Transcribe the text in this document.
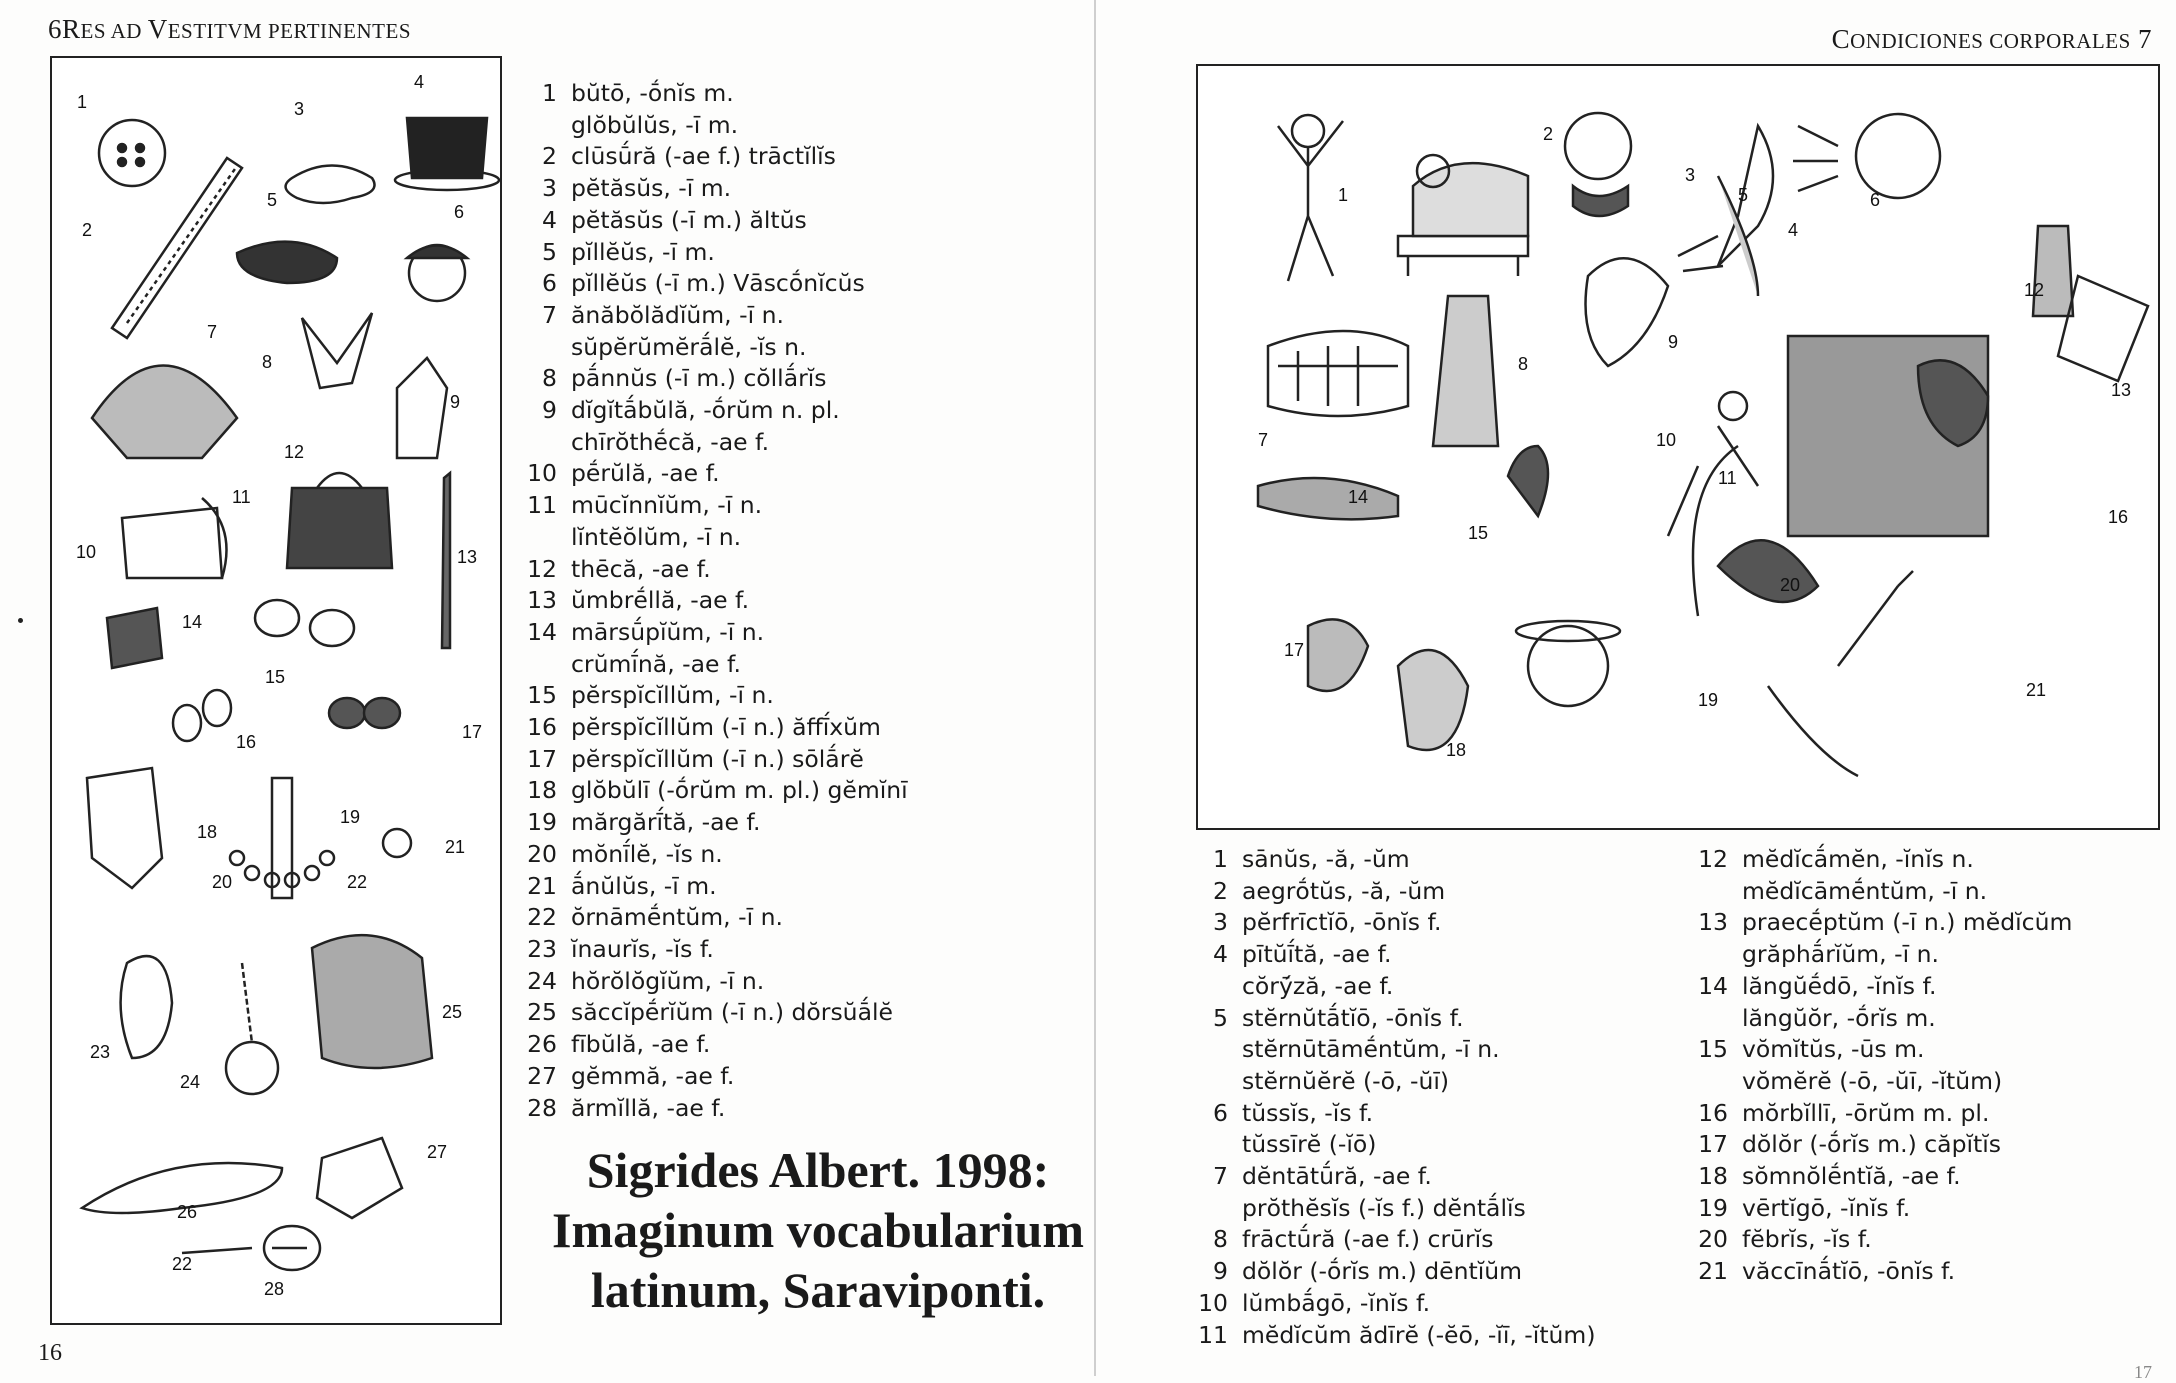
6RES AD VESTITVM PERTINENTES
1
2
3
4
5
6
7
8
9
10
11
12
13
14
15
16	17
18
19
20
21
22
23
24
25
26
27
22
28
1 bŭtō, -ṓnĭs m.
glŏbŭlŭs, -ī m.
2 clūsū́ră (-ae f.) trāctĭlĭs
3 pĕtăsŭs, -ī m.
4 pĕtăsŭs (-ī m.) ăltŭs
5 pĭllĕŭs, -ī m.
6 pĭllĕŭs (-ī m.) Vāscṓnĭcŭs
7 ănăbŏlădĭŭm, -ī n.
sŭpĕrŭmĕrā́lĕ, -ĭs n.
8 pā́nnŭs (-ī m.) cŏllā́rĭs
9 dĭgĭtā́bŭlă, -ṓrŭm n. pl.
chīrŏthḗcă, -ae f.
10 pḗrŭlă, -ae f.
11 mūcĭnnĭŭm, -ī n.
lĭntĕŏlŭm, -ī n.
12 thēcă, -ae f.
13 ŭmbrḗllă, -ae f.
14 mārsū́pĭŭm, -ī n.
crŭmī́nă, -ae f.
15 pĕrspĭcĭllŭm, -ī n.
16 pĕrspĭcĭllŭm (-ī n.) ăffī́xŭm
17 pĕrspĭcĭllŭm (-ī n.) sōlā́rĕ
18 glŏbŭlī (-ṓrŭm m. pl.) gĕmĭnī
19 mărgărī́tă, -ae f.
20 mŏnī́lĕ, -ĭs n.
21 ā́nŭlŭs, -ī m.
22 ŏrnāmḗntŭm, -ī n.
23 ĭnaurĭs, -ĭs f.
24 hŏrŏlŏgĭŭm, -ī n.
25 săccĭpḗrĭŭm (-ī n.) dŏrsŭā́lĕ
26 fībŭlă, -ae f.
27 gĕmmă, -ae f.
28 ărmĭllă, -ae f.
16
Sigrides Albert. 1998:
Imaginum vocabularium
latinum, Saraviponti.
CONDICIONES CORPORALES 7
1
2
3
4
5	6
7
8
9
10
11
12
13
14
15
16
17
18
19
20
21
1 sānŭs, -ă, -ŭm
2 aegrṓtŭs, -ă, -ŭm
3 pĕrfrīctĭō, -ōnĭs f.
4 pītŭī́tă, -ae f.
cŏrȳ́ză, -ae f.
5 stĕrnŭtā́tĭō, -ōnĭs f.
stĕrnūtāmḗntŭm, -ī n.
stĕrnŭĕrĕ (-ō, -ŭī)
6 tŭssĭs, -ĭs f.
tŭssīrĕ (-ĭō)
7 dĕntātū́ră, -ae f.
prŏthĕsĭs (-ĭs f.) dĕntā́lĭs
8 frāctū́ră (-ae f.) crūrĭs
9 dŏlŏr (-ṓrĭs m.) dēntĭŭm
10 lŭmbā́gō, -ĭnĭs f.
11 mĕdĭcŭm ădīrĕ (-ĕō, -ĭī, -ĭtŭm)
12 mĕdĭcā́mĕn, -ĭnĭs n.
mĕdĭcāmḗntŭm, -ī n.
13 praecḗptŭm (-ī n.) mĕdĭcŭm
grăphā́rĭŭm, -ī n.
14 lăngŭḗdō, -ĭnĭs f.
lăngŭŏr, -ṓrĭs m.
15 vŏmĭtŭs, -ūs m.
vŏmĕrĕ (-ō, -ŭī, -ĭtŭm)
16 mŏrbĭllī, -ōrŭm m. pl.
17 dŏlŏr (-ṓrĭs m.) căpĭtĭs
18 sŏmnŏlḗntĭă, -ae f.
19 vērtĭgō, -ĭnĭs f.
20 fĕbrĭs, -ĭs f.
21 văccīnā́tĭō, -ōnĭs f.
17
